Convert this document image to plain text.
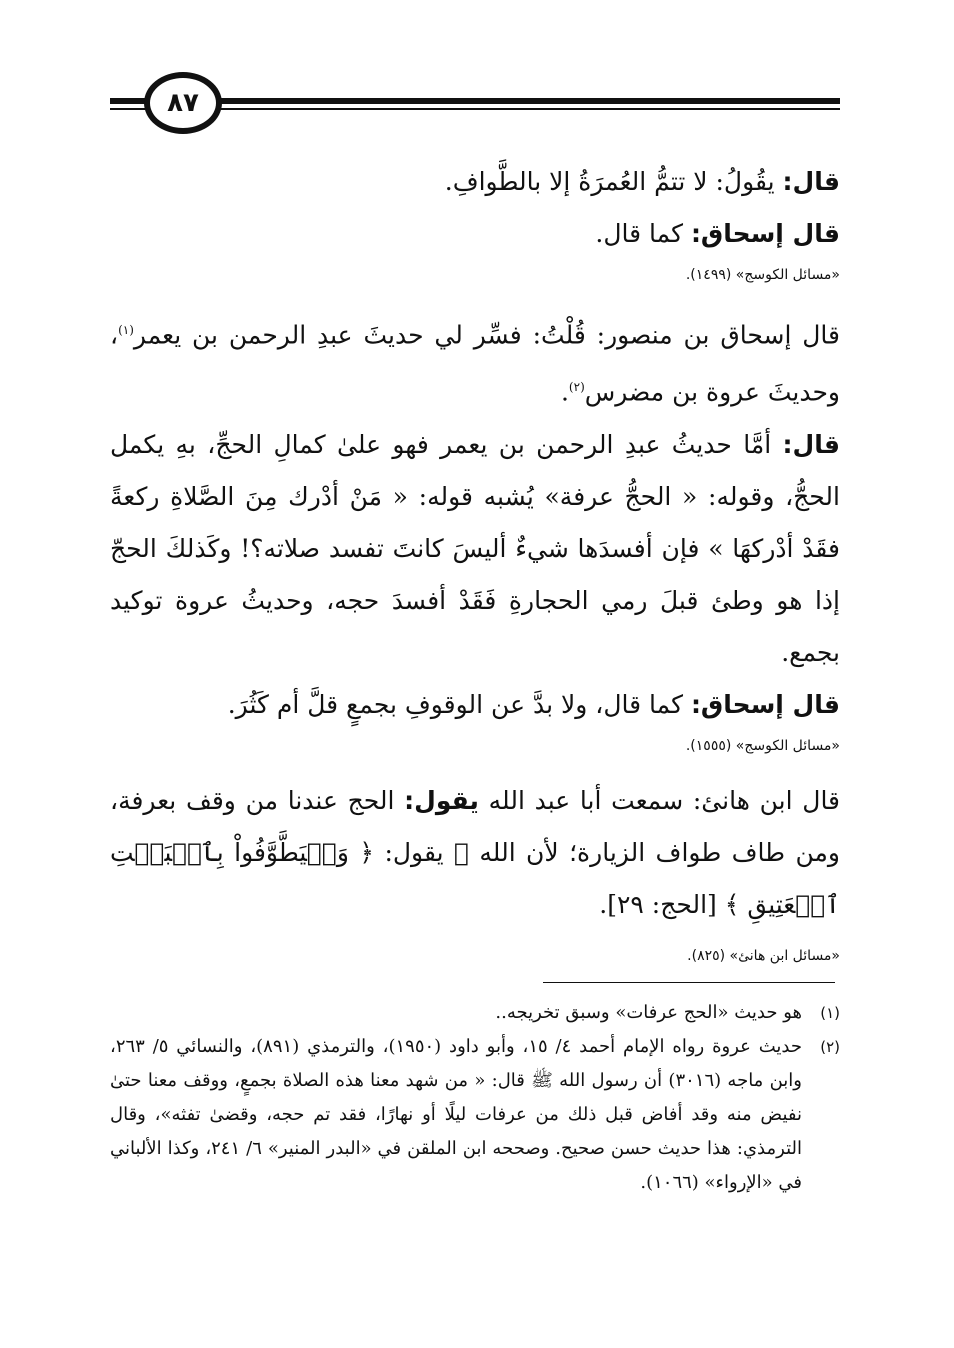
٨٧

قال: يقُولُ: لا تتمُّ العُمرَةُ إلا بالطَّوافِ.

قال إسحاق: كما قال.

«مسائل الكوسج» (١٤٩٩).

قال إسحاق بن منصور: قُلْتُ: فسِّر لي حديثَ عبدِ الرحمن بن يعمر$^{(١)}$، وحديثَ عروة بن مضرس$^{(٢)}$.

قال: أمَّا حديثُ عبدِ الرحمن بن يعمر فهو علىٰ كمالِ الحجِّ، بهِ يكمل الحجُّ، وقوله: « الحجُّ عرفة» يُشبه قوله: « مَنْ أدْرك مِنَ الصَّلاةِ ركعةً فقَدْ أدْركهَا » فإن أفسدَها شيءٌ أليسَ كانتَ تفسد صلاته؟! وكَذلكَ الحجّ إذا هو وطئ قبلَ رمي الحجارةِ فَقَدْ أفسدَ حجه، وحديثُ عروة توكيد بجمع.

قال إسحاق: كما قال، ولا بدَّ عن الوقوفِ بجمعٍ قلَّ أم كَثُرَ.

«مسائل الكوسج» (١٥٥٥).

قال ابن هانئ: سمعت أبا عبد الله يقول: الحج عندنا من وقف بعرفة، ومن طاف طواف الزيارة؛ لأن الله ﷻ يقول: ﴿ وَلۡيَطَّوَّفُواْ بِٱلۡبَيۡتِ ٱلۡعَتِيقِ ﴾ [الحج: ٢٩].

«مسائل ابن هانئ» (٨٢٥).
(١)
هو حديث «الحج عرفات» وسبق تخريجه..
(٢)
حديث عروة رواه الإمام أحمد ٤/ ١٥، وأبو داود (١٩٥٠)، والترمذي (٨٩١)، والنسائي ٥/ ٢٦٣، وابن ماجه (٣٠١٦) أن رسول الله ﷺ قال: « من شهد معنا هذه الصلاة بجمعٍ، ووقف معنا حتىٰ نفيض منه وقد أفاض قبل ذلك من عرفات ليلًا أو نهارًا، فقد تم حجه، وقضىٰ تفثه»، وقال الترمذي: هذا حديث حسن صحيح. وصححه ابن الملقن في «البدر المنير» ٦/ ٢٤١، وكذا الألباني في «الإرواء» (١٠٦٦).
